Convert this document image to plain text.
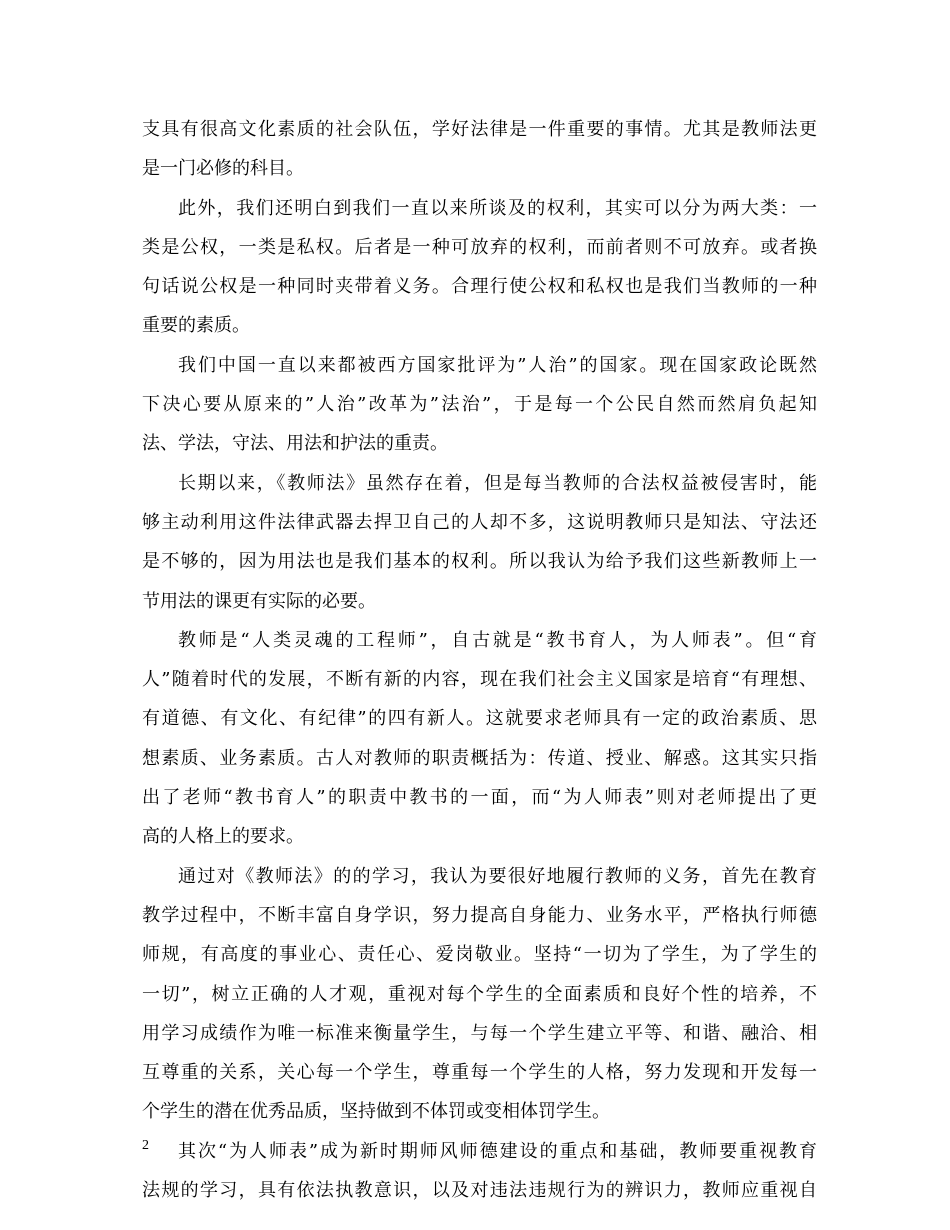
支具有很高文化素质的社会队伍，学好法律是一件重要的事情。尤其是教师法更
是一门必修的科目。
此外，我们还明白到我们一直以来所谈及的权利，其实可以分为两大类：一
类是公权，一类是私权。后者是一种可放弃的权利，而前者则不可放弃。或者换
句话说公权是一种同时夹带着义务。合理行使公权和私权也是我们当教师的一种
重要的素质。
我们中国一直以来都被西方国家批评为”人治”的国家。现在国家政论既然
下决心要从原来的”人治”改革为”法治”，于是每一个公民自然而然肩负起知
法、学法，守法、用法和护法的重责。
长期以来，《教师法》虽然存在着，但是每当教师的合法权益被侵害时，能
够主动利用这件法律武器去捍卫自己的人却不多，这说明教师只是知法、守法还
是不够的，因为用法也是我们基本的权利。所以我认为给予我们这些新教师上一
节用法的课更有实际的必要。
教师是“人类灵魂的工程师”，自古就是“教书育人，为人师表”。但“育
人”随着时代的发展，不断有新的内容，现在我们社会主义国家是培育“有理想、
有道德、有文化、有纪律”的四有新人。这就要求老师具有一定的政治素质、思
想素质、业务素质。古人对教师的职责概括为：传道、授业、解惑。这其实只指
出了老师“教书育人”的职责中教书的一面，而“为人师表”则对老师提出了更
高的人格上的要求。
通过对《教师法》的的学习，我认为要很好地履行教师的义务，首先在教育
教学过程中，不断丰富自身学识，努力提高自身能力、业务水平，严格执行师德
师规，有高度的事业心、责任心、爱岗敬业。坚持“一切为了学生，为了学生的
一切”，树立正确的人才观，重视对每个学生的全面素质和良好个性的培养，不
用学习成绩作为唯一标准来衡量学生，与每一个学生建立平等、和谐、融洽、相
互尊重的关系，关心每一个学生，尊重每一个学生的人格，努力发现和开发每一
个学生的潜在优秀品质，坚持做到不体罚或变相体罚学生。
其次“为人师表”成为新时期师风师德建设的重点和基础，教师要重视教育
法规的学习，具有依法执教意识，以及对违法违规行为的辨识力，教师应重视自
2
